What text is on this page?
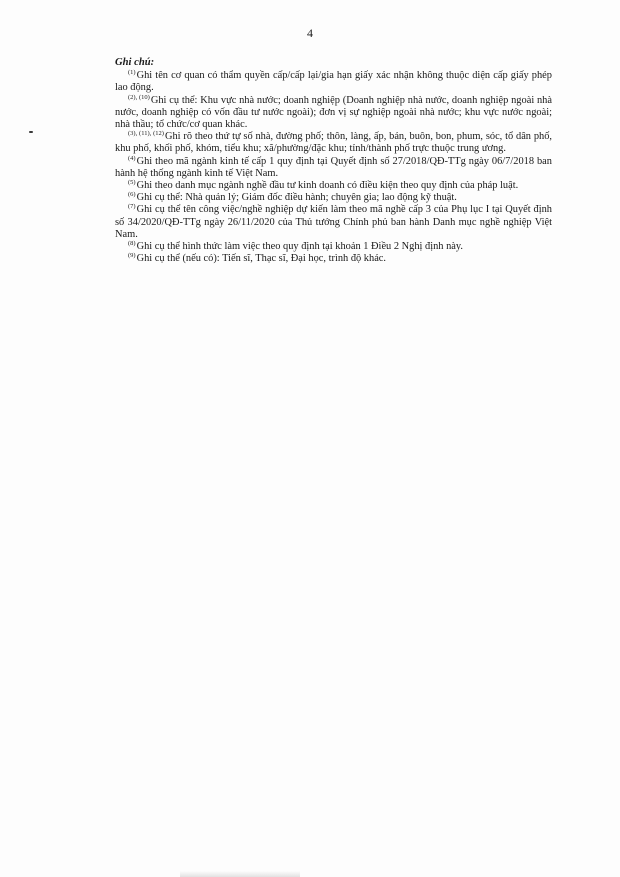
4

Ghi chú:

$^{(1)}$Ghi tên cơ quan có thẩm quyền cấp/cấp lại/gia hạn giấy xác nhận không thuộc diện cấp giấy phép lao động.

$^{(2), (10)}$Ghi cụ thể: Khu vực nhà nước; doanh nghiệp (Doanh nghiệp nhà nước, doanh nghiệp ngoài nhà nước, doanh nghiệp có vốn đầu tư nước ngoài); đơn vị sự nghiệp ngoài nhà nước; khu vực nước ngoài; nhà thầu; tổ chức/cơ quan khác.

$^{(3), (11), (12)}$Ghi rõ theo thứ tự số nhà, đường phố; thôn, làng, ấp, bản, buôn, bon, phum, sóc, tổ dân phố, khu phố, khối phố, khóm, tiểu khu; xã/phường/đặc khu; tỉnh/thành phố trực thuộc trung ương.

$^{(4)}$Ghi theo mã ngành kinh tế cấp 1 quy định tại Quyết định số 27/2018/QĐ-TTg ngày 06/7/2018 ban hành hệ thống ngành kinh tế Việt Nam.

$^{(5)}$Ghi theo danh mục ngành nghề đầu tư kinh doanh có điều kiện theo quy định của pháp luật.

$^{(6)}$Ghi cụ thể: Nhà quản lý; Giám đốc điều hành; chuyên gia; lao động kỹ thuật.

$^{(7)}$Ghi cụ thể tên công việc/nghề nghiệp dự kiến làm theo mã nghề cấp 3 của Phụ lục I tại Quyết định số 34/2020/QĐ-TTg ngày 26/11/2020 của Thủ tướng Chính phủ ban hành Danh mục nghề nghiệp Việt Nam.

$^{(8)}$Ghi cụ thể hình thức làm việc theo quy định tại khoản 1 Điều 2 Nghị định này.

$^{(9)}$Ghi cụ thể (nếu có): Tiến sĩ, Thạc sĩ, Đại học, trình độ khác.
